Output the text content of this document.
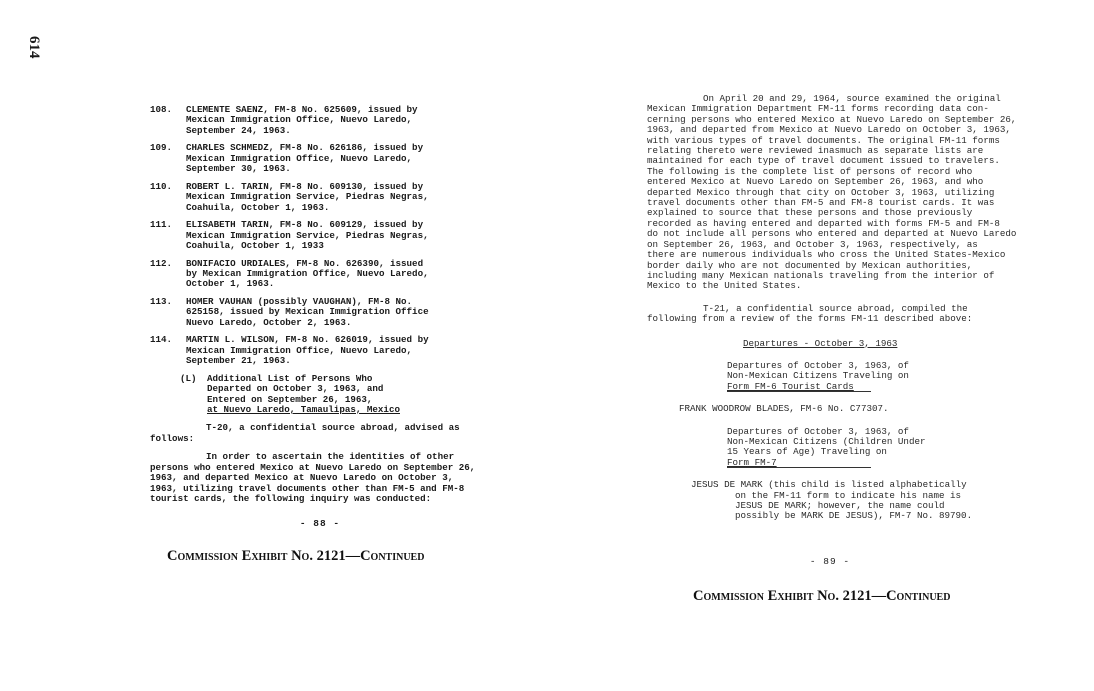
614
108.	CLEMENTE SAENZ, FM-8 No. 625609, issued by
Mexican Immigration Office, Nuevo Laredo,
September 24, 1963.
109.	CHARLES SCHMEDZ, FM-8 No. 626186, issued by
Mexican Immigration Office, Nuevo Laredo,
September 30, 1963.
110.	ROBERT L. TARIN, FM-8 No. 609130, issued by
Mexican Immigration Service, Piedras Negras,
Coahuila, October 1, 1963.
111.	ELISABETH TARIN, FM-8 No. 609129, issued by
Mexican Immigration Service, Piedras Negras,
Coahuila, October 1, 1933
112.	BONIFACIO URDIALES, FM-8 No. 626390, issued
by Mexican Immigration Office, Nuevo Laredo,
October 1, 1963.
113.	HOMER VAUHAN (possibly VAUGHAN), FM-8 No.
625158, issued by Mexican Immigration Office
Nuevo Laredo, October 2, 1963.
114.	MARTIN L. WILSON, FM-8 No. 626019, issued by
Mexican Immigration Office, Nuevo Laredo,
September 21, 1963.
(L)	Additional List of Persons Who
Departed on October 3, 1963, and
Entered on September 26, 1963,
at Nuevo Laredo, Tamaulipas, Mexico

T-20, a confidential source abroad, advised as
follows:

In order to ascertain the identities of other
persons who entered Mexico at Nuevo Laredo on September 26,
1963, and departed Mexico at Nuevo Laredo on October 3,
1963, utilizing travel documents other than FM-5 and FM-8
tourist cards, the following inquiry was conducted:

- 88 -
Commission Exhibit No. 2121—Continued

On April 20 and 29, 1964, source examined the original
Mexican Immigration Department FM-11 forms recording data con-
cerning persons who entered Mexico at Nuevo Laredo on September 26,
1963, and departed from Mexico at Nuevo Laredo on October 3, 1963,
with various types of travel documents. The original FM-11 forms
relating thereto were reviewed inasmuch as separate lists are
maintained for each type of travel document issued to travelers.
The following is the complete list of persons of record who
entered Mexico at Nuevo Laredo on September 26, 1963, and who
departed Mexico through that city on October 3, 1963, utilizing
travel documents other than FM-5 and FM-8 tourist cards. It was
explained to source that these persons and those previously
recorded as having entered and departed with forms FM-5 and FM-8
do not include all persons who entered and departed at Nuevo Laredo
on September 26, 1963, and October 3, 1963, respectively, as
there are numerous individuals who cross the United States-Mexico
border daily who are not documented by Mexican authorities,
including many Mexican nationals traveling from the interior of
Mexico to the United States.

T-21, a confidential source abroad, compiled the
following from a review of the forms FM-11 described above:

Departures - October 3, 1963
Departures of October 3, 1963, of
Non-Mexican Citizens Traveling on
Form FM-6 Tourist Cards
FRANK WOODROW BLADES, FM-6 No. C77307.
Departures of October 3, 1963, of
Non-Mexican Citizens (Children Under
15 Years of Age) Traveling on
Form FM-7
JESUS DE MARK (this child is listed alphabetically
on the FM-11 form to indicate his name is
JESUS DE MARK; however, the name could
possibly be MARK DE JESUS), FM-7 No. 89790.
- 89 -
Commission Exhibit No. 2121—Continued
